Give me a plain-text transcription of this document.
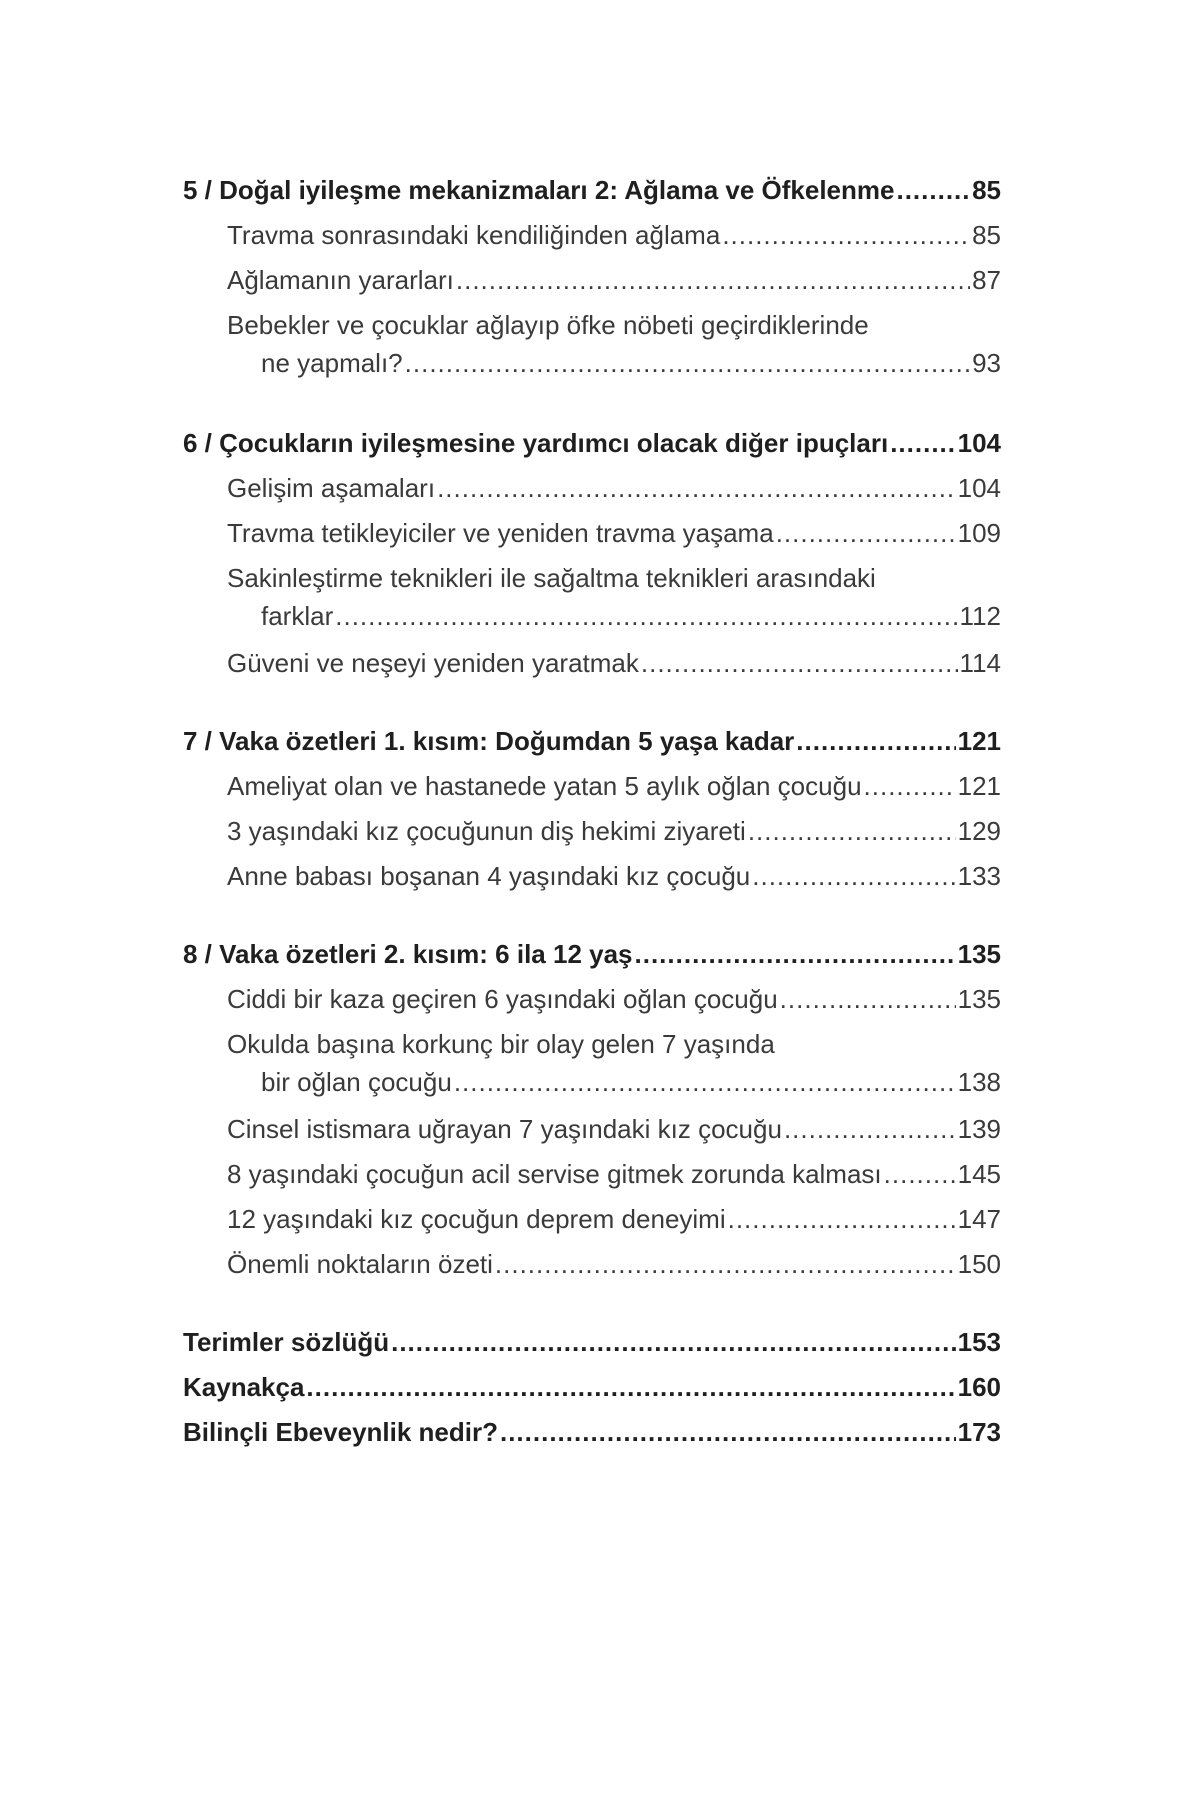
5 / Doğal iyileşme mekanizmaları 2: Ağlama ve Öfkelenme .....	85
Travma sonrasındaki kendiliğinden ağlama .....	85
Ağlamanın yararları .....	87
Bebekler ve çocuklar ağlayıp öfke nöbeti geçirdiklerinde
ne yapmalı? .....	93
6 / Çocukların iyileşmesine yardımcı olacak diğer ipuçları .....	104
Gelişim aşamaları .....	104
Travma tetikleyiciler ve yeniden travma yaşama .....	109
Sakinleştirme teknikleri ile sağaltma teknikleri arasındaki
farklar .....	112
Güveni ve neşeyi yeniden yaratmak .....	114
7 / Vaka özetleri 1. kısım: Doğumdan 5 yaşa kadar .....	121
Ameliyat olan ve hastanede yatan 5 aylık oğlan çocuğu .....	121
3 yaşındaki kız çocuğunun diş hekimi ziyareti .....	129
Anne babası boşanan 4 yaşındaki kız çocuğu .....	133
8 / Vaka özetleri 2. kısım: 6 ila 12 yaş .....	135
Ciddi bir kaza geçiren 6 yaşındaki oğlan çocuğu .....	135
Okulda başına korkunç bir olay gelen 7 yaşında
bir oğlan çocuğu .....	138
Cinsel istismara uğrayan 7 yaşındaki kız çocuğu .....	139
8 yaşındaki çocuğun acil servise gitmek zorunda kalması .....	145
12 yaşındaki kız çocuğun deprem deneyimi .....	147
Önemli noktaların özeti .....	150
Terimler sözlüğü .....	153
Kaynakça .....	160
Bilinçli Ebeveynlik nedir? .....	173
